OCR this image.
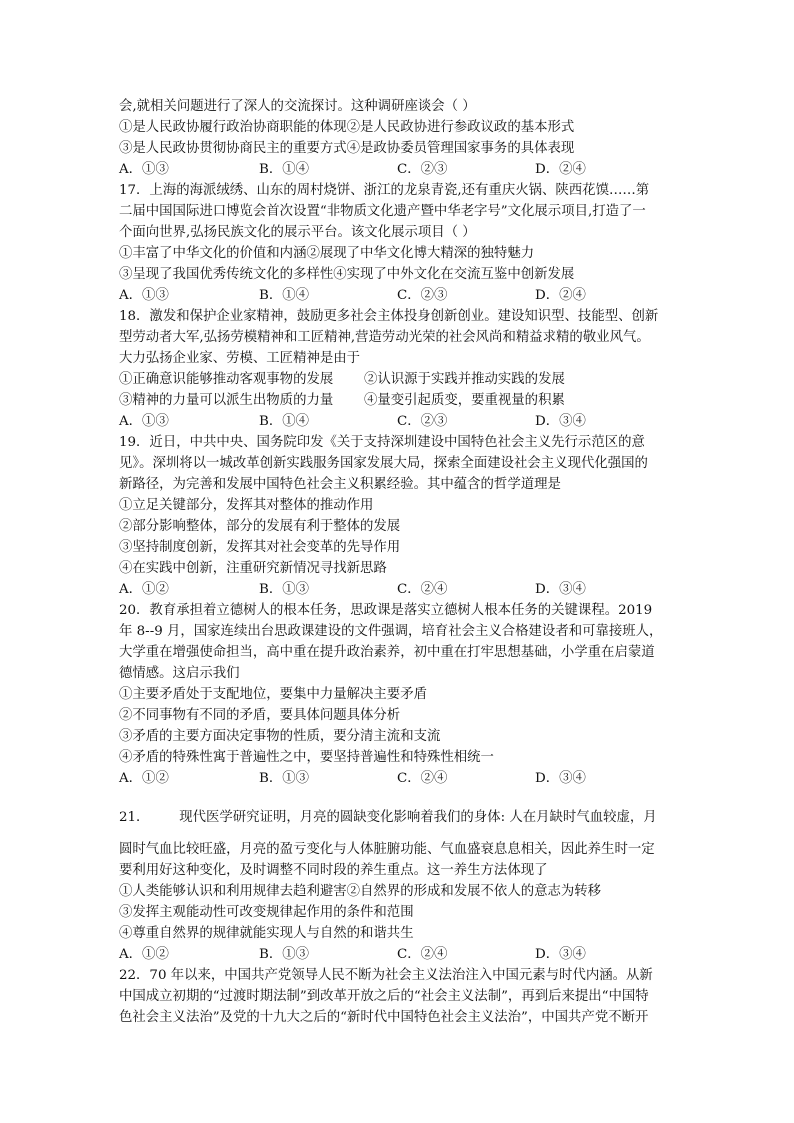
会,就相关问题进行了深人的交流探讨。这种调研座谈会（ ）
①是人民政协履行政治协商职能的体现②是人民政协进行参政议政的基本形式
③是人民政协贯彻协商民主的重要方式④是政协委员管理国家事务的具体表现
A．①③	B．①④	C．②③	D．②④
17．上海的海派绒绣、山东的周村烧饼、浙江的龙泉青瓷,还有重庆火锅、陕西花馍……第
二届中国国际进口博览会首次设置“非物质文化遗产暨中华老字号”文化展示项目,打造了一
个面向世界,弘扬民族文化的展示平台。该文化展示项目（ ）
①丰富了中华文化的价值和内涵②展现了中华文化博大精深的独特魅力
③呈现了我国优秀传统文化的多样性④实现了中外文化在交流互鉴中创新发展
A．①③	B．①④	C．②③	D．②④
18．激发和保护企业家精神，鼓励更多社会主体投身创新创业。建设知识型、技能型、创新
型劳动者大军,弘扬劳模精神和工匠精神,营造劳动光荣的社会风尚和精益求精的敬业风气。
大力弘扬企业家、劳模、工匠精神是由于
①正确意识能够推动客观事物的发展 ②认识源于实践并推动实践的发展
③精神的力量可以派生出物质的力量 ④量变引起质变，要重视量的积累
A．①③	B．①④	C．②③	D．③④
19．近日，中共中央、国务院印发《关于支持深圳建设中国特色社会主义先行示范区的意
见》。深圳将以一城改革创新实践服务国家发展大局，探索全面建设社会主义现代化强国的
新路径，为完善和发展中国特色社会主义积累经验。其中蕴含的哲学道理是
①立足关键部分，发挥其对整体的推动作用
②部分影响整体，部分的发展有利于整体的发展
③坚持制度创新，发挥其对社会变革的先导作用
④在实践中创新，注重研究新情况寻找新思路
A．①②	B．①③	C．②④	D．③④
20．教育承担着立德树人的根本任务，思政课是落实立德树人根本任务的关键课程。2019
年 8--9 月，国家连续出台思政课建设的文件强调，培育社会主义合格建设者和可靠接班人，
大学重在增强使命担当，高中重在提升政治素养，初中重在打牢思想基础，小学重在启蒙道
德情感。这启示我们
①主要矛盾处于支配地位，要集中力量解决主要矛盾
②不同事物有不同的矛盾，要具体问题具体分析
③矛盾的主要方面决定事物的性质，要分清主流和支流
④矛盾的特殊性寓于普遍性之中，要坚持普遍性和特殊性相统一
A．①②	B．①③	C．②④	D．③④
21．       现代医学研究证明，月亮的圆缺变化影响着我们的身体: 人在月缺时气血较虚，月
圆时气血比较旺盛，月亮的盈亏变化与人体脏腑功能、气血盛衰息息相关，因此养生时一定
要利用好这种变化，及时调整不同时段的养生重点。这一养生方法体现了
①人类能够认识和利用规律去趋利避害②自然界的形成和发展不依人的意志为转移
③发挥主观能动性可改变规律起作用的条件和范围
④尊重自然界的规律就能实现人与自然的和谐共生
A．①②	B．①③	C．②④	D．③④
22．70 年以来，中国共产党领导人民不断为社会主义法治注入中国元素与时代内涵。从新
中国成立初期的“过渡时期法制”到改革开放之后的“社会主义法制”，再到后来提出“中国特
色社会主义法治”及党的十九大之后的“新时代中国特色社会主义法治”，中国共产党不断开
